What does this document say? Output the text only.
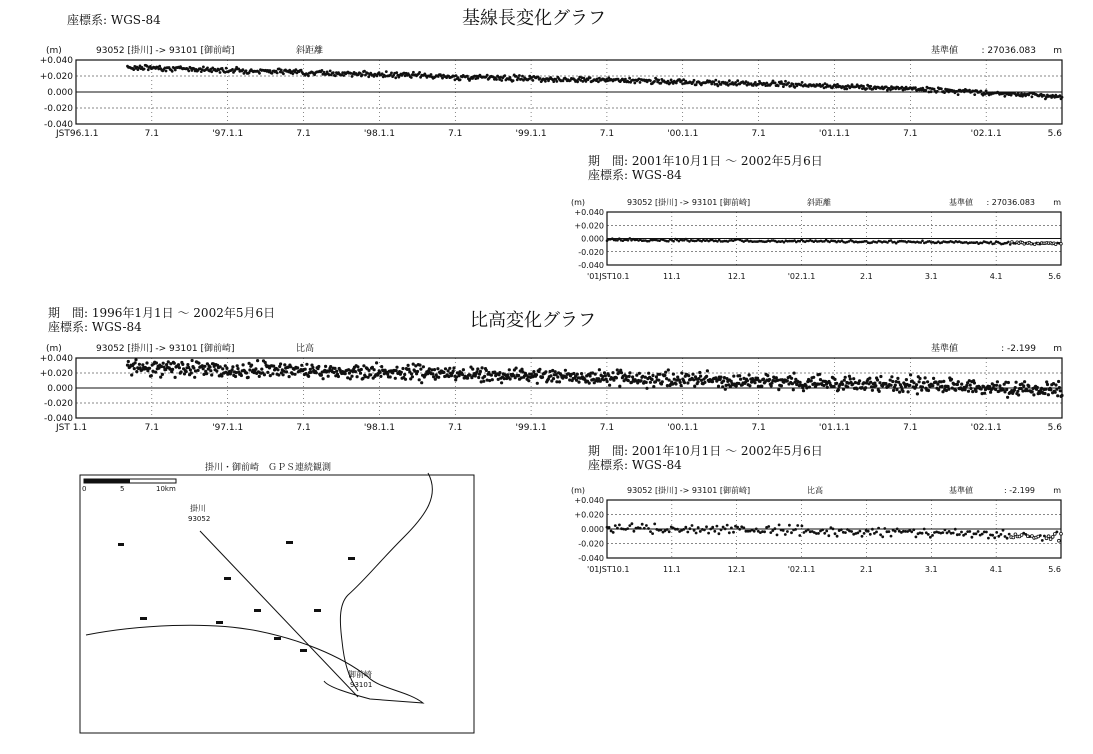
座標系: WGS-84	基線長変化グラフ
(m)	93052 [掛川] -> 93101 [御前崎]	斜距離	m
: 27036.083
基準値
+0.040
+0.020
0.000
-0.020
-0.040
JST96.1.1	7.1	'97.1.1	7.1	'98.1.1	7.1	'99.1.1	7.1	'00.1.1	7.1	'01.1.1	7.1	'02.1.1	5.6
期　間: 2001年10月1日 〜 2002年5月6日
座標系: WGS-84
(m)	93052 [掛川] -> 93101 [御前崎]	斜距離	m
: 27036.083
基準値
+0.040
+0.020
0.000
-0.020
-0.040
'01JST10.1	11.1	12.1	'02.1.1	2.1	3.1	4.1	5.6
期　間: 1996年1月1日 〜 2002年5月6日
座標系: WGS-84	比高変化グラフ
(m)	93052 [掛川] -> 93101 [御前崎]	比高	m
: -2.199
基準値
+0.040
+0.020
0.000
-0.020
-0.040
JST 1.1	7.1	'97.1.1	7.1	'98.1.1	7.1	'99.1.1	7.1	'00.1.1	7.1	'01.1.1	7.1	'02.1.1	5.6
期　間: 2001年10月1日 〜 2002年5月6日
座標系: WGS-84
(m)	93052 [掛川] -> 93101 [御前崎]	比高	m
: -2.199
基準値
+0.040
+0.020
0.000
-0.020
-0.040
'01JST10.1	11.1	12.1	'02.1.1	2.1	3.1	4.1	5.6
掛川・御前崎　ＧＰＳ連続観測
0	5	10km
掛川
93052
御前崎
93101
